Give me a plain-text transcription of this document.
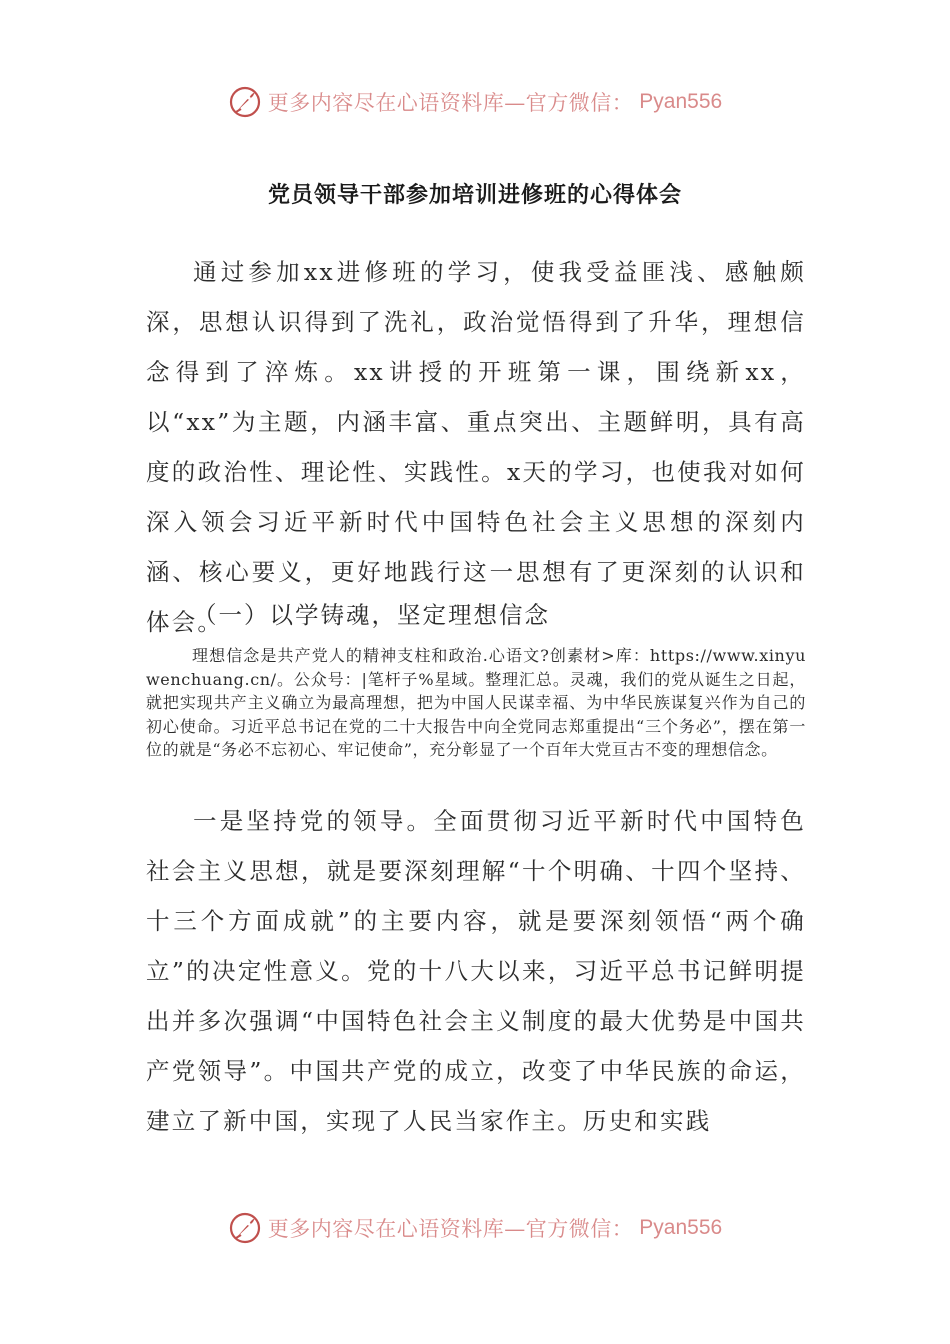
更多内容尽在心语资料库—官方微信： Pyan556
党员领导干部参加培训进修班的心得体会

通过参加xx进修班的学习，使我受益匪浅、感触颇深，思想认识得到了洗礼，政治觉悟得到了升华，理想信念得到了淬炼。xx讲授的开班第一课，围绕新xx，以“xx”为主题，内涵丰富、重点突出、主题鲜明，具有高度的政治性、理论性、实践性。x天的学习，也使我对如何深入领会习近平新时代中国特色社会主义思想的深刻内涵、核心要义，更好地践行这一思想有了更深刻的认识和体会。

（一）以学铸魂，坚定理想信念

理想信念是共产党人的精神支柱和政治.心语文?创素材>库：https://www.xinyuwenchuang.cn/。公众号：|笔杆子%星域。整理汇总。灵魂，我们的党从诞生之日起，就把实现共产主义确立为最高理想，把为中国人民谋幸福、为中华民族谋复兴作为自己的初心使命。习近平总书记在党的二十大报告中向全党同志郑重提出“三个务必”，摆在第一位的就是“务必不忘初心、牢记使命”，充分彰显了一个百年大党亘古不变的理想信念。

一是坚持党的领导。全面贯彻习近平新时代中国特色社会主义思想，就是要深刻理解“十个明确、十四个坚持、十三个方面成就”的主要内容，就是要深刻领悟“两个确立”的决定性意义。党的十八大以来，习近平总书记鲜明提出并多次强调“中国特色社会主义制度的最大优势是中国共产党领导”。中国共产党的成立，改变了中华民族的命运，建立了新中国，实现了人民当家作主。历史和实践

更多内容尽在心语资料库—官方微信： Pyan556
